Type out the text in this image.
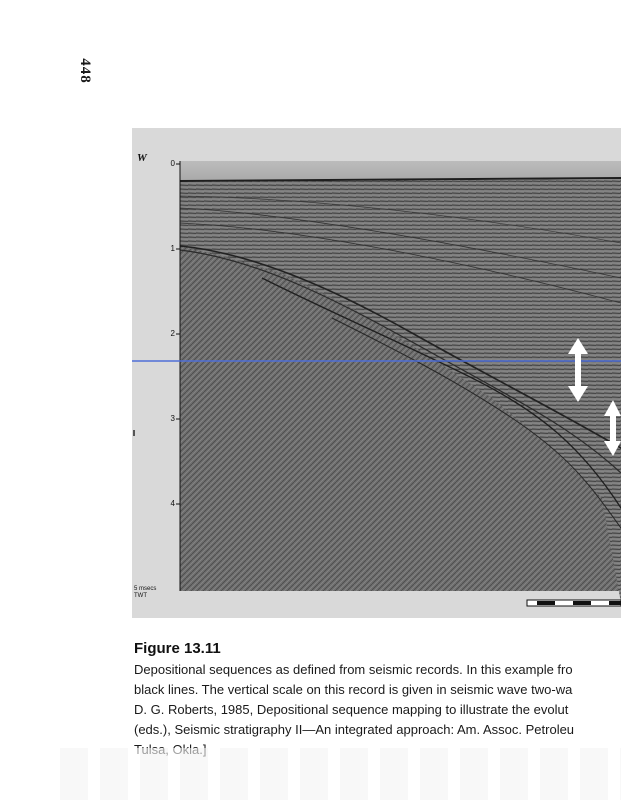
448
W	0
1
2
3
4
5 msecs
TWT
Figure 13.11
Depositional sequences as defined from seismic records. In this example fro
black lines. The vertical scale on this record is given in seismic wave two-wa
D. G. Roberts, 1985, Depositional sequence mapping to illustrate the evolut
(eds.), Seismic stratigraphy II—An integrated approach: Am. Assoc. Petroleu
